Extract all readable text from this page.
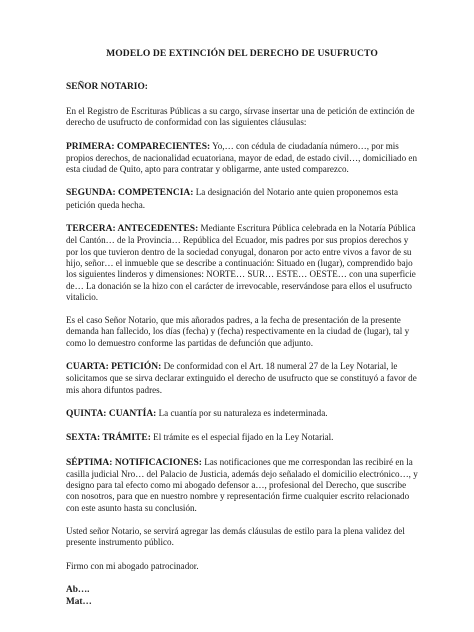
MODELO DE EXTINCIÓN DEL DERECHO DE USUFRUCTO
SEÑOR NOTARIO:

En el Registro de Escrituras Públicas a su cargo, sírvase insertar una de petición de extinción de derecho de usufructo de conformidad con las siguientes cláusulas:

PRIMERA: COMPARECIENTES: Yo,… con cédula de ciudadanía número…, por mis propios derechos, de nacionalidad ecuatoriana, mayor de edad, de estado civil…, domiciliado en esta ciudad de Quito, apto para contratar y obligarme, ante usted comparezco.

SEGUNDA: COMPETENCIA: La designación del Notario ante quien proponemos esta petición queda hecha.

TERCERA: ANTECEDENTES: Mediante Escritura Pública celebrada en la Notaría Pública del Cantón… de la Provincia… República del Ecuador, mis padres por sus propios derechos y por los que tuvieron dentro de la sociedad conyugal, donaron por acto entre vivos a favor de su hijo, señor… el inmueble que se describe a continuación: Situado en (lugar), comprendido bajo los siguientes linderos y dimensiones: NORTE… SUR… ESTE… OESTE… con una superficie de… La donación se la hizo con el carácter de irrevocable, reservándose para ellos el usufructo vitalicio.

Es el caso Señor Notario, que mis añorados padres, a la fecha de presentación de la presente demanda han fallecido, los días (fecha) y (fecha) respectivamente en la ciudad de (lugar), tal y como lo demuestro conforme las partidas de defunción que adjunto.

CUARTA: PETICIÓN: De conformidad con el Art. 18 numeral 27 de la Ley Notarial, le solicitamos que se sirva declarar extinguido el derecho de usufructo que se constituyó a favor de mis ahora difuntos padres.

QUINTA: CUANTÍA: La cuantía por su naturaleza es indeterminada.

SEXTA: TRÁMITE: El trámite es el especial fijado en la Ley Notarial.

SÉPTIMA: NOTIFICACIONES: Las notificaciones que me correspondan las recibiré en la casilla judicial Nro… del Palacio de Justicia, además dejo señalado el domicilio electrónico…, y designo para tal efecto como mi abogado defensor a…, profesional del Derecho, que suscribe con nosotros, para que en nuestro nombre y representación firme cualquier escrito relacionado con este asunto hasta su conclusión.

Usted señor Notario, se servirá agregar las demás cláusulas de estilo para la plena validez del presente instrumento público.

Firmo con mi abogado patrocinador.

Ab….
Mat…
